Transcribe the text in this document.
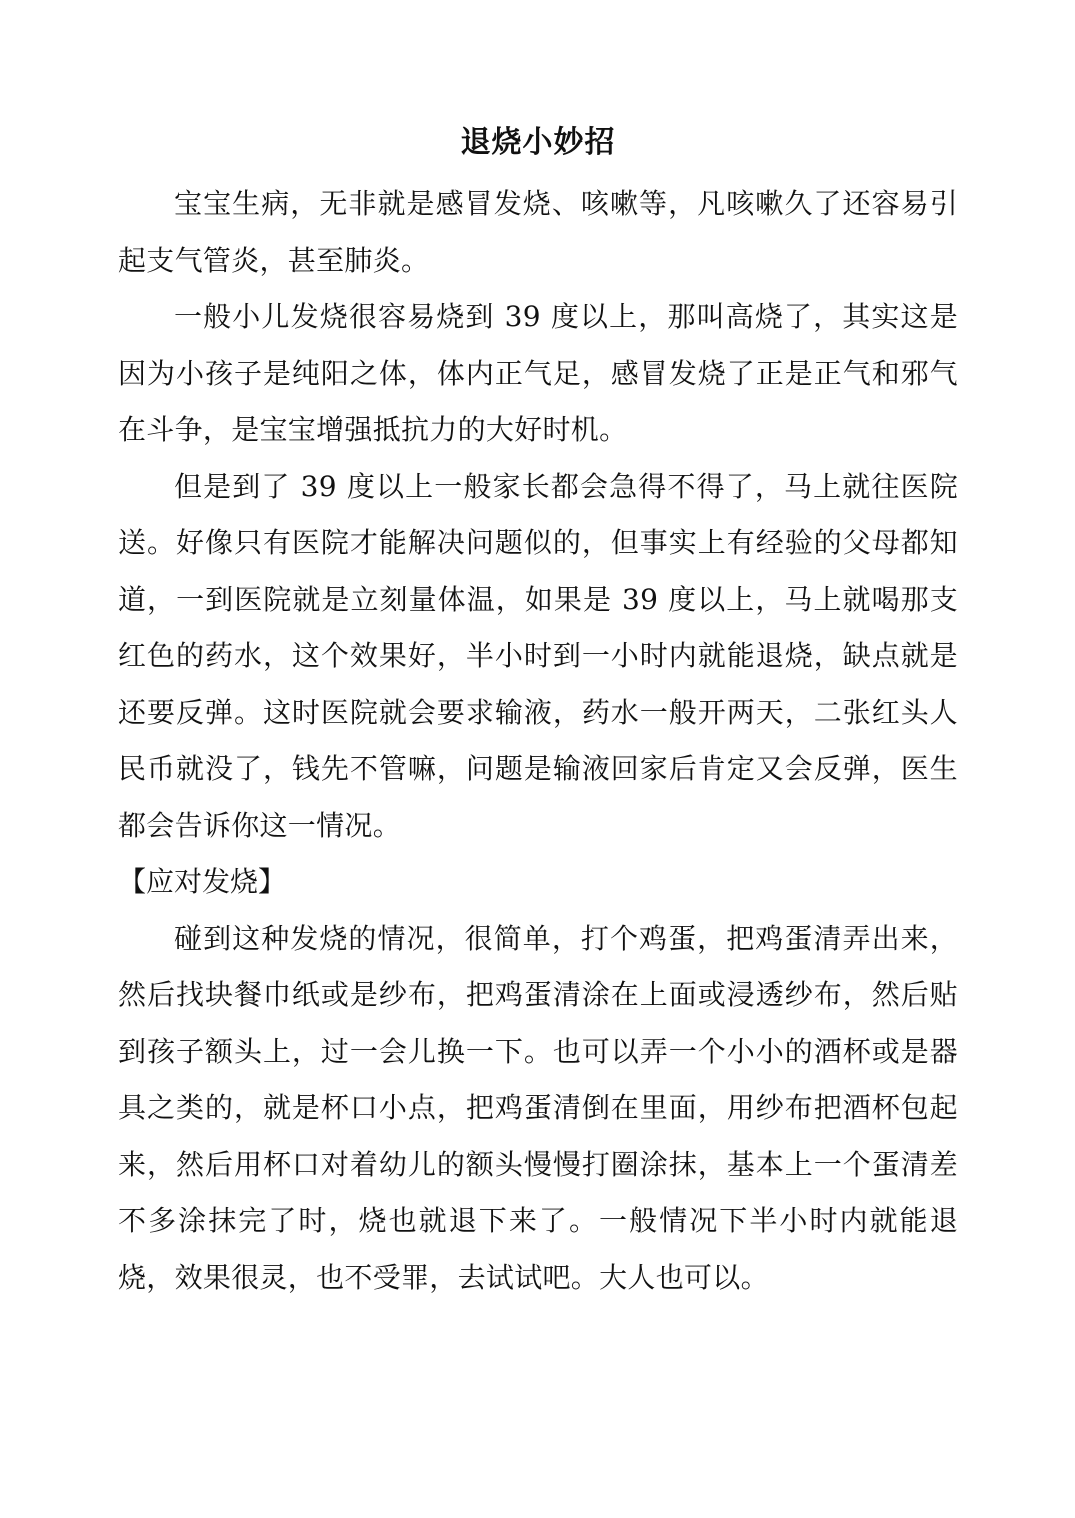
退烧小妙招

宝宝生病，无非就是感冒发烧、咳嗽等，凡咳嗽久了还容易引起支气管炎，甚至肺炎。

一般小儿发烧很容易烧到 39 度以上，那叫高烧了，其实这是因为小孩子是纯阳之体，体内正气足，感冒发烧了正是正气和邪气在斗争，是宝宝增强抵抗力的大好时机。

但是到了 39 度以上一般家长都会急得不得了，马上就往医院送。好像只有医院才能解决问题似的，但事实上有经验的父母都知道，一到医院就是立刻量体温，如果是 39 度以上，马上就喝那支红色的药水，这个效果好，半小时到一小时内就能退烧，缺点就是还要反弹。这时医院就会要求输液，药水一般开两天，二张红头人民币就没了，钱先不管嘛，问题是输液回家后肯定又会反弹，医生都会告诉你这一情况。

【应对发烧】

碰到这种发烧的情况，很简单，打个鸡蛋，把鸡蛋清弄出来，然后找块餐巾纸或是纱布，把鸡蛋清涂在上面或浸透纱布，然后贴到孩子额头上，过一会儿换一下。也可以弄一个小小的酒杯或是器具之类的，就是杯口小点，把鸡蛋清倒在里面，用纱布把酒杯包起来，然后用杯口对着幼儿的额头慢慢打圈涂抹，基本上一个蛋清差不多涂抹完了时，烧也就退下来了。一般情况下半小时内就能退烧，效果很灵，也不受罪，去试试吧。大人也可以。
